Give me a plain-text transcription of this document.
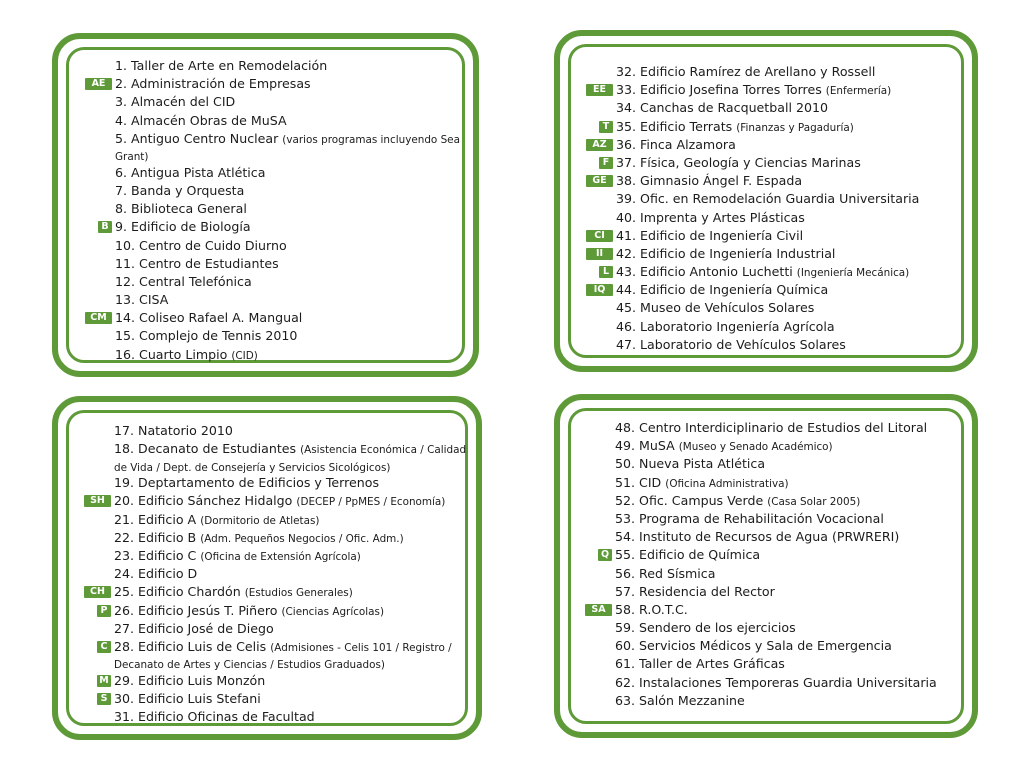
1. Taller de Arte en Remodelación
AE 2. Administración de Empresas
3. Almacén del CID
4. Almacén Obras de MuSA
5. Antiguo Centro Nuclear (varios programas incluyendo Sea Grant)
6. Antigua Pista Atlética
7. Banda y Orquesta
8. Biblioteca General
B 9. Edificio de Biología
10. Centro de Cuido Diurno
11. Centro de Estudiantes
12. Central Telefónica
13. CISA
CM 14. Coliseo Rafael A. Mangual
15. Complejo de Tennis 2010
16. Cuarto Limpio (CID)
32. Edificio Ramírez de Arellano y Rossell
EE 33. Edificio Josefina Torres Torres (Enfermería)
34. Canchas de Racquetball 2010
T 35. Edificio Terrats (Finanzas y Pagaduría)
AZ 36. Finca Alzamora
F 37. Física, Geología y Ciencias Marinas
GE 38. Gimnasio Ángel F. Espada
39. Ofic. en Remodelación Guardia Universitaria
40. Imprenta y Artes Plásticas
CI 41. Edificio de Ingeniería Civil
II	42. Edificio de Ingeniería Industrial
L 43. Edificio Antonio Luchetti (Ingeniería Mecánica)
IQ 44. Edificio de Ingeniería Química
45. Museo de Vehículos Solares
46. Laboratorio Ingeniería Agrícola
47. Laboratorio de Vehículos Solares
17. Natatorio 2010
18. Decanato de Estudiantes (Asistencia Económica / Calidad de Vida / Dept. de Consejería y Servicios Sicológicos)
19. Deptartamento de Edificios y Terrenos
SH 20. Edificio Sánchez Hidalgo (DECEP / PpMES / Economía)
21. Edificio A (Dormitorio de Atletas)
22. Edificio B (Adm. Pequeños Negocios / Ofic. Adm.)
23. Edificio C (Oficina de Extensión Agrícola)
24. Edificio D
CH 25. Edificio Chardón (Estudios Generales)
P 26. Edificio Jesús T. Piñero (Ciencias Agrícolas)
27. Edificio José de Diego
C 28. Edificio Luis de Celis (Admisiones - Celis 101 / Registro / Decanato de Artes y Ciencias / Estudios Graduados)
M 29. Edificio Luis Monzón
S 30. Edificio Luis Stefani
31. Edificio Oficinas de Facultad
48. Centro Interdiciplinario de Estudios del Litoral
49. MuSA (Museo y Senado Académico)
50. Nueva Pista Atlética
51. CID (Oficina Administrativa)
52. Ofic. Campus Verde (Casa Solar 2005)
53. Programa de Rehabilitación Vocacional
54. Instituto de Recursos de Agua (PRWRERI)
Q 55. Edificio de Química
56. Red Sísmica
57. Residencia del Rector
SA 58. R.O.T.C.
59. Sendero de los ejercicios
60. Servicios Médicos y Sala de Emergencia
61. Taller de Artes Gráficas
62. Instalaciones Temporeras Guardia Universitaria
63. Salón Mezzanine
